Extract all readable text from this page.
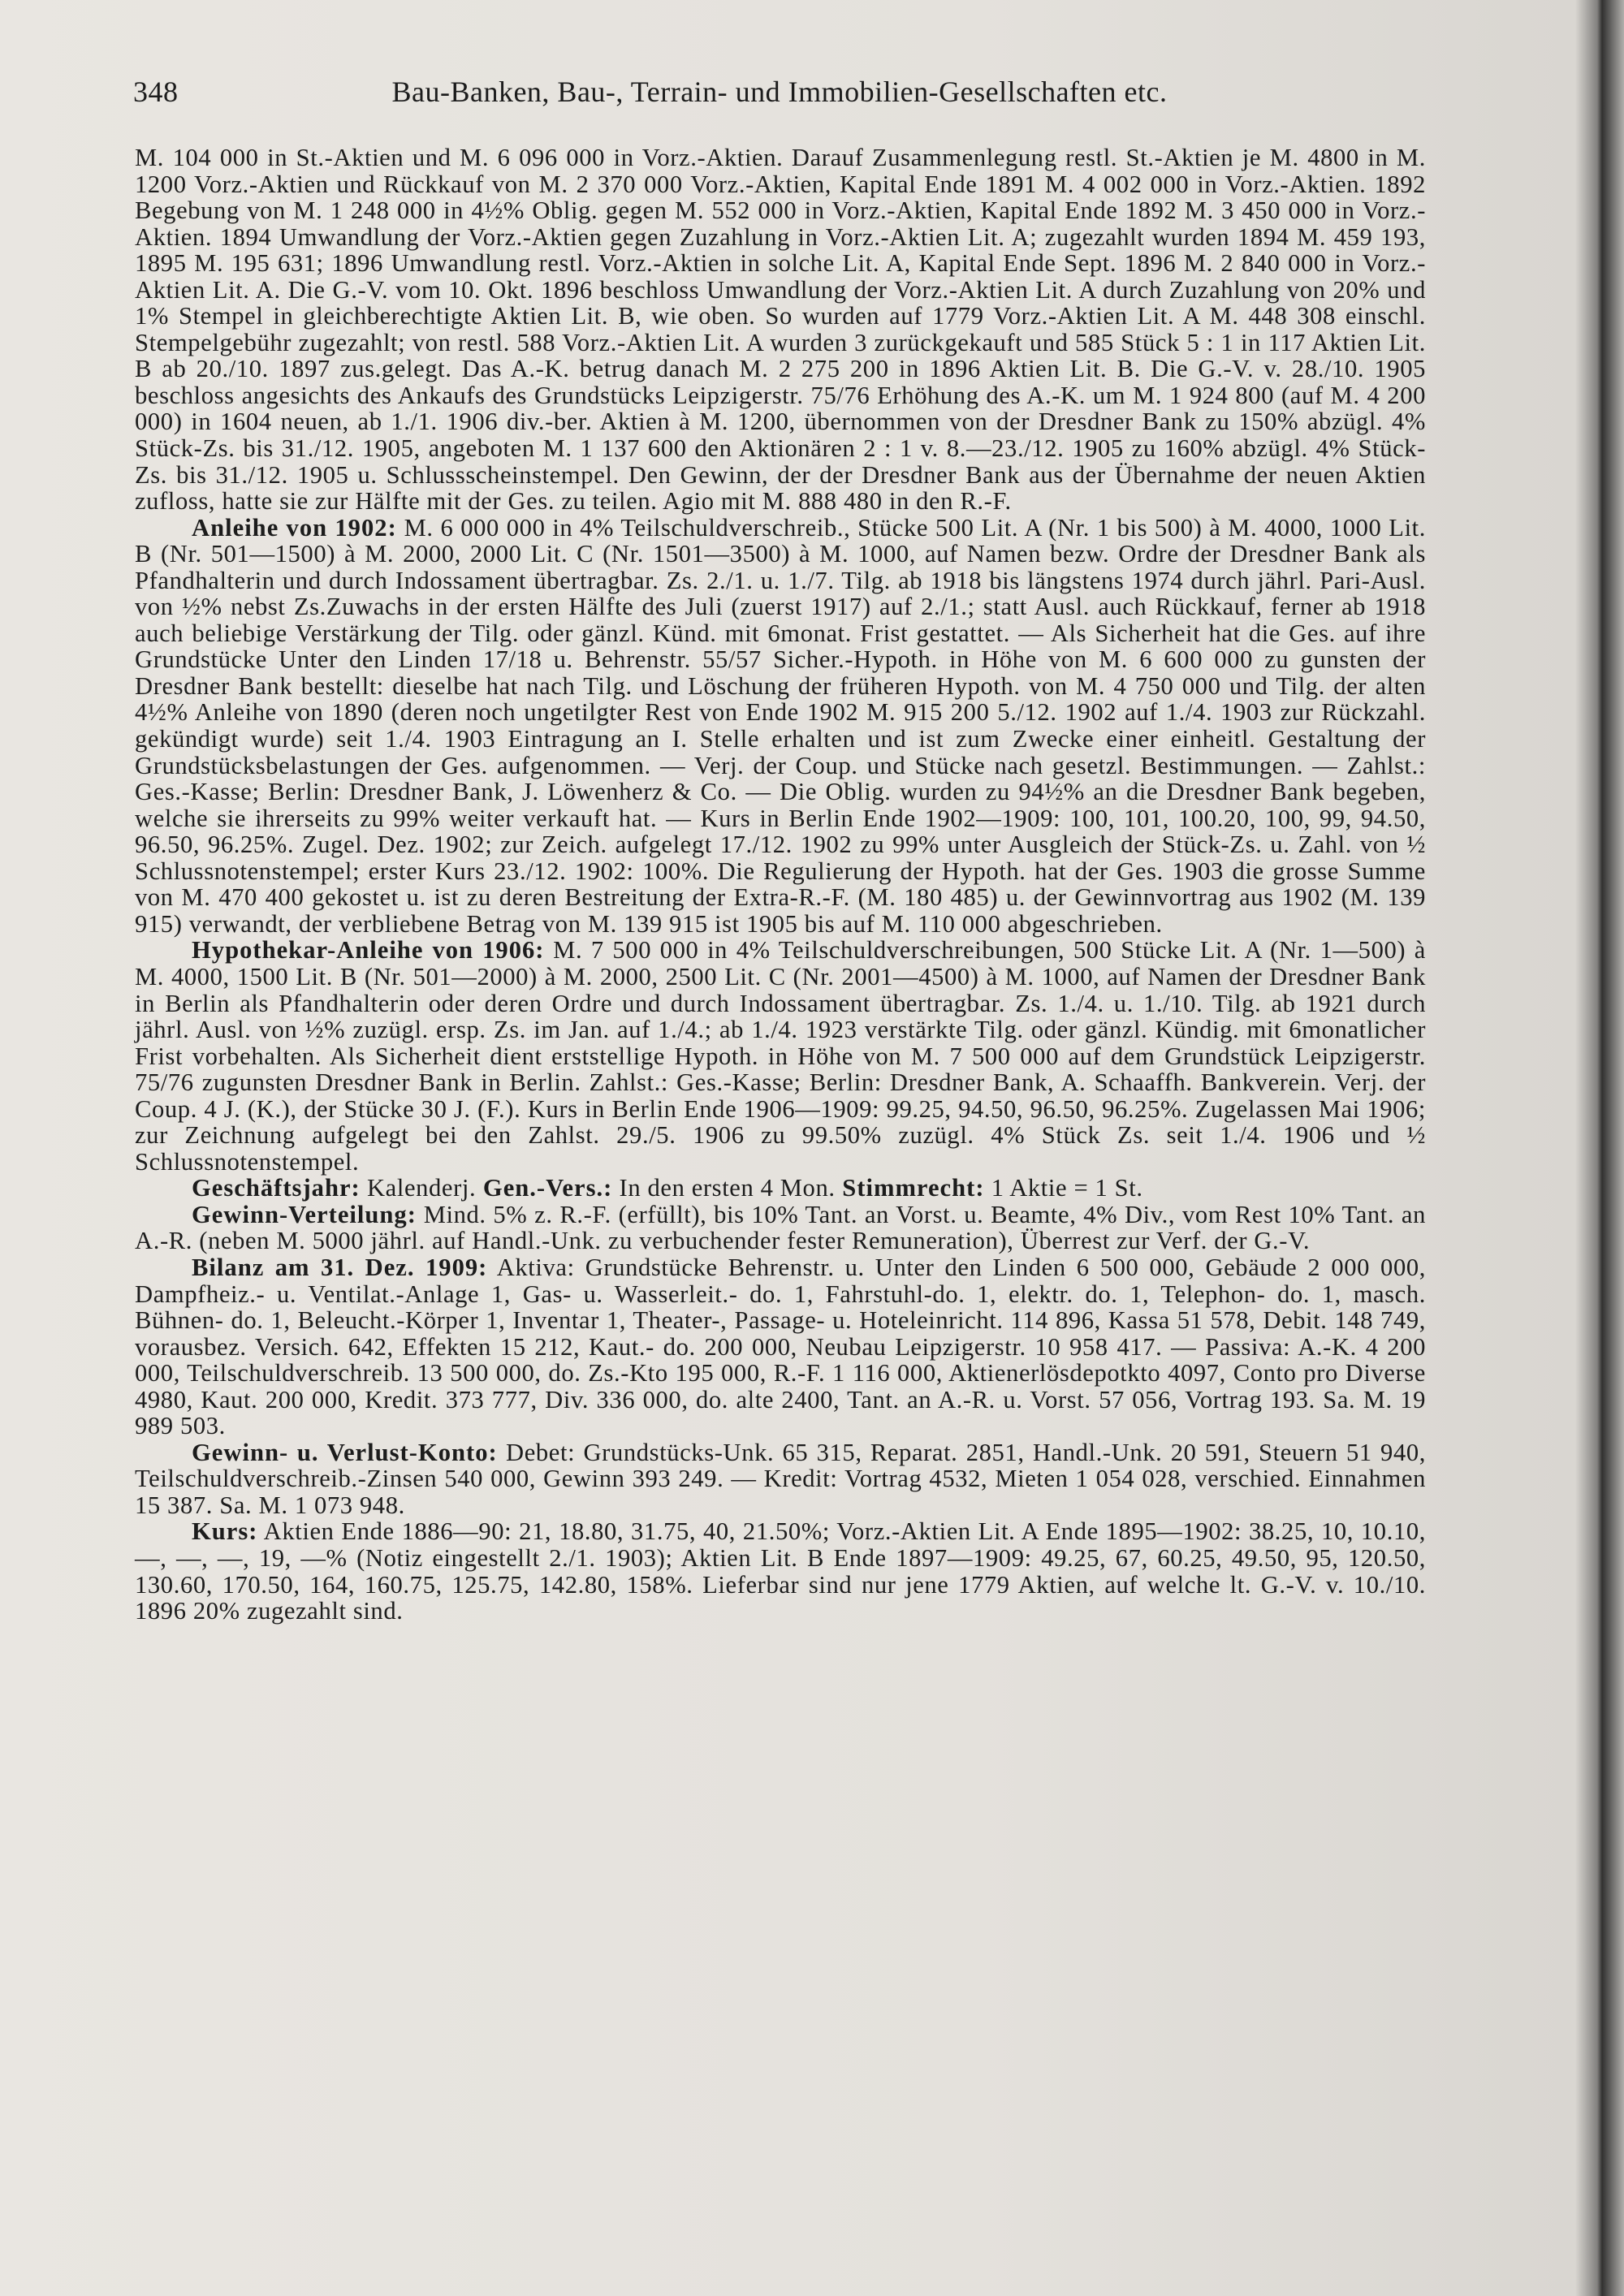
348	Bau-Banken, Bau-, Terrain- und Immobilien-Gesellschaften etc.

M. 104 000 in St.-Aktien und M. 6 096 000 in Vorz.-Aktien. Darauf Zusammenlegung restl. St.-Aktien je M. 4800 in M. 1200 Vorz.-Aktien und Rückkauf von M. 2 370 000 Vorz.-Aktien, Kapital Ende 1891 M. 4 002 000 in Vorz.-Aktien. 1892 Begebung von M. 1 248 000 in 4½% Oblig. gegen M. 552 000 in Vorz.-Aktien, Kapital Ende 1892 M. 3 450 000 in Vorz.-Aktien. 1894 Umwandlung der Vorz.-Aktien gegen Zuzahlung in Vorz.-Aktien Lit. A; zugezahlt wurden 1894 M. 459 193, 1895 M. 195 631; 1896 Umwandlung restl. Vorz.-Aktien in solche Lit. A, Kapital Ende Sept. 1896 M. 2 840 000 in Vorz.-Aktien Lit. A. Die G.-V. vom 10. Okt. 1896 beschloss Umwandlung der Vorz.-Aktien Lit. A durch Zuzahlung von 20% und 1% Stempel in gleichberechtigte Aktien Lit. B, wie oben. So wurden auf 1779 Vorz.-Aktien Lit. A M. 448 308 einschl. Stempelgebühr zugezahlt; von restl. 588 Vorz.-Aktien Lit. A wurden 3 zurückgekauft und 585 Stück 5 : 1 in 117 Aktien Lit. B ab 20./10. 1897 zus.gelegt. Das A.-K. betrug danach M. 2 275 200 in 1896 Aktien Lit. B. Die G.-V. v. 28./10. 1905 beschloss angesichts des Ankaufs des Grundstücks Leipzigerstr. 75/76 Erhöhung des A.-K. um M. 1 924 800 (auf M. 4 200 000) in 1604 neuen, ab 1./1. 1906 div.-ber. Aktien à M. 1200, übernommen von der Dresdner Bank zu 150% abzügl. 4% Stück-Zs. bis 31./12. 1905, angeboten M. 1 137 600 den Aktionären 2 : 1 v. 8.—23./12. 1905 zu 160% abzügl. 4% Stück-Zs. bis 31./12. 1905 u. Schlussscheinstempel. Den Gewinn, der der Dresdner Bank aus der Übernahme der neuen Aktien zufloss, hatte sie zur Hälfte mit der Ges. zu teilen. Agio mit M. 888 480 in den R.-F.

Anleihe von 1902: M. 6 000 000 in 4% Teilschuldverschreib., Stücke 500 Lit. A (Nr. 1 bis 500) à M. 4000, 1000 Lit. B (Nr. 501—1500) à M. 2000, 2000 Lit. C (Nr. 1501—3500) à M. 1000, auf Namen bezw. Ordre der Dresdner Bank als Pfandhalterin und durch Indossament übertragbar. Zs. 2./1. u. 1./7. Tilg. ab 1918 bis längstens 1974 durch jährl. Pari-Ausl. von ½% nebst Zs.Zuwachs in der ersten Hälfte des Juli (zuerst 1917) auf 2./1.; statt Ausl. auch Rückkauf, ferner ab 1918 auch beliebige Verstärkung der Tilg. oder gänzl. Künd. mit 6monat. Frist gestattet. — Als Sicherheit hat die Ges. auf ihre Grundstücke Unter den Linden 17/18 u. Behrenstr. 55/57 Sicher.-Hypoth. in Höhe von M. 6 600 000 zu gunsten der Dresdner Bank bestellt: dieselbe hat nach Tilg. und Löschung der früheren Hypoth. von M. 4 750 000 und Tilg. der alten 4½% Anleihe von 1890 (deren noch ungetilgter Rest von Ende 1902 M. 915 200 5./12. 1902 auf 1./4. 1903 zur Rückzahl. gekündigt wurde) seit 1./4. 1903 Eintragung an I. Stelle erhalten und ist zum Zwecke einer einheitl. Gestaltung der Grundstücksbelastungen der Ges. aufgenommen. — Verj. der Coup. und Stücke nach gesetzl. Bestimmungen. — Zahlst.: Ges.-Kasse; Berlin: Dresdner Bank, J. Löwenherz & Co. — Die Oblig. wurden zu 94½% an die Dresdner Bank begeben, welche sie ihrerseits zu 99% weiter verkauft hat. — Kurs in Berlin Ende 1902—1909: 100, 101, 100.20, 100, 99, 94.50, 96.50, 96.25%. Zugel. Dez. 1902; zur Zeich. aufgelegt 17./12. 1902 zu 99% unter Ausgleich der Stück-Zs. u. Zahl. von ½ Schlussnotenstempel; erster Kurs 23./12. 1902: 100%. Die Regulierung der Hypoth. hat der Ges. 1903 die grosse Summe von M. 470 400 gekostet u. ist zu deren Bestreitung der Extra-R.-F. (M. 180 485) u. der Gewinnvortrag aus 1902 (M. 139 915) verwandt, der verbliebene Betrag von M. 139 915 ist 1905 bis auf M. 110 000 abgeschrieben.

Hypothekar-Anleihe von 1906: M. 7 500 000 in 4% Teilschuldverschreibungen, 500 Stücke Lit. A (Nr. 1—500) à M. 4000, 1500 Lit. B (Nr. 501—2000) à M. 2000, 2500 Lit. C (Nr. 2001—4500) à M. 1000, auf Namen der Dresdner Bank in Berlin als Pfandhalterin oder deren Ordre und durch Indossament übertragbar. Zs. 1./4. u. 1./10. Tilg. ab 1921 durch jährl. Ausl. von ½% zuzügl. ersp. Zs. im Jan. auf 1./4.; ab 1./4. 1923 verstärkte Tilg. oder gänzl. Kündig. mit 6monatlicher Frist vorbehalten. Als Sicherheit dient erststellige Hypoth. in Höhe von M. 7 500 000 auf dem Grundstück Leipzigerstr. 75/76 zugunsten Dresdner Bank in Berlin. Zahlst.: Ges.-Kasse; Berlin: Dresdner Bank, A. Schaaffh. Bankverein. Verj. der Coup. 4 J. (K.), der Stücke 30 J. (F.). Kurs in Berlin Ende 1906—1909: 99.25, 94.50, 96.50, 96.25%. Zugelassen Mai 1906; zur Zeichnung aufgelegt bei den Zahlst. 29./5. 1906 zu 99.50% zuzügl. 4% Stück Zs. seit 1./4. 1906 und ½ Schlussnotenstempel.

Geschäftsjahr: Kalenderj. Gen.-Vers.: In den ersten 4 Mon. Stimmrecht: 1 Aktie = 1 St.

Gewinn-Verteilung: Mind. 5% z. R.-F. (erfüllt), bis 10% Tant. an Vorst. u. Beamte, 4% Div., vom Rest 10% Tant. an A.-R. (neben M. 5000 jährl. auf Handl.-Unk. zu verbuchender fester Remuneration), Überrest zur Verf. der G.-V.

Bilanz am 31. Dez. 1909: Aktiva: Grundstücke Behrenstr. u. Unter den Linden 6 500 000, Gebäude 2 000 000, Dampfheiz.- u. Ventilat.-Anlage 1, Gas- u. Wasserleit.- do. 1, Fahrstuhl-do. 1, elektr. do. 1, Telephon- do. 1, masch. Bühnen- do. 1, Beleucht.-Körper 1, Inventar 1, Theater-, Passage- u. Hoteleinricht. 114 896, Kassa 51 578, Debit. 148 749, vorausbez. Versich. 642, Effekten 15 212, Kaut.- do. 200 000, Neubau Leipzigerstr. 10 958 417. — Passiva: A.-K. 4 200 000, Teilschuldverschreib. 13 500 000, do. Zs.-Kto 195 000, R.-F. 1 116 000, Aktienerlösdepotkto 4097, Conto pro Diverse 4980, Kaut. 200 000, Kredit. 373 777, Div. 336 000, do. alte 2400, Tant. an A.-R. u. Vorst. 57 056, Vortrag 193. Sa. M. 19 989 503.

Gewinn- u. Verlust-Konto: Debet: Grundstücks-Unk. 65 315, Reparat. 2851, Handl.-Unk. 20 591, Steuern 51 940, Teilschuldverschreib.-Zinsen 540 000, Gewinn 393 249. — Kredit: Vortrag 4532, Mieten 1 054 028, verschied. Einnahmen 15 387. Sa. M. 1 073 948.

Kurs: Aktien Ende 1886—90: 21, 18.80, 31.75, 40, 21.50%; Vorz.-Aktien Lit. A Ende 1895—1902: 38.25, 10, 10.10, —, —, —, 19, —% (Notiz eingestellt 2./1. 1903); Aktien Lit. B Ende 1897—1909: 49.25, 67, 60.25, 49.50, 95, 120.50, 130.60, 170.50, 164, 160.75, 125.75, 142.80, 158%. Lieferbar sind nur jene 1779 Aktien, auf welche lt. G.-V. v. 10./10. 1896 20% zugezahlt sind.
